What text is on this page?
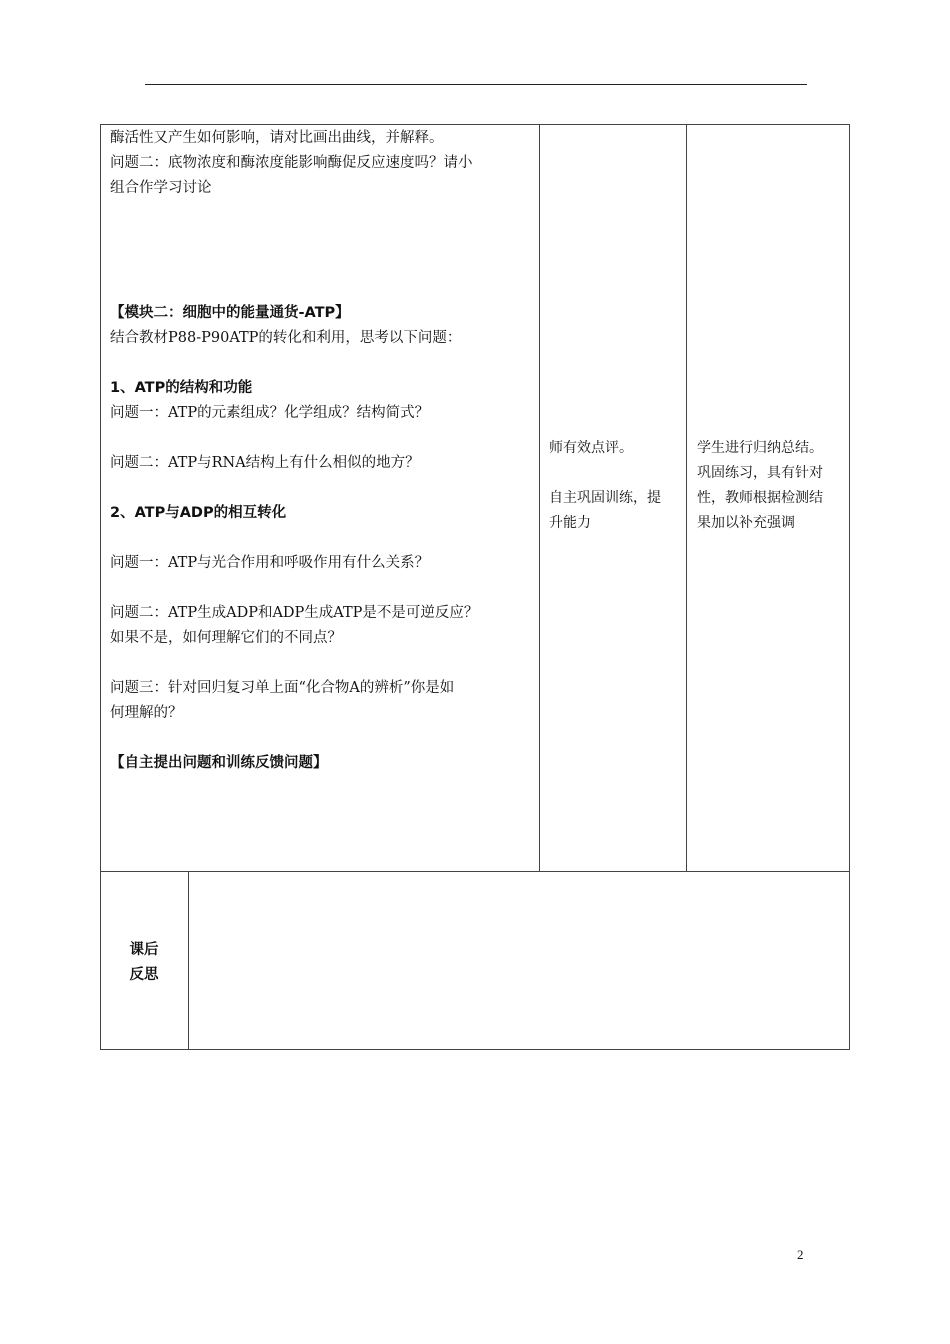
酶活性又产生如何影响，请对比画出曲线，并解释。

问题二：底物浓度和酶浓度能影响酶促反应速度吗？请小

组合作学习讨论

【模块二：细胞中的能量通货-ATP】

结合教材P88-P90ATP的转化和利用，思考以下问题：

1、ATP的结构和功能

问题一：ATP的元素组成？化学组成？结构简式？

问题二：ATP与RNA结构上有什么相似的地方？

2、ATP与ADP的相互转化

问题一：ATP与光合作用和呼吸作用有什么关系？

问题二：ATP生成ADP和ADP生成ATP是不是可逆反应？

如果不是，如何理解它们的不同点？

问题三：针对回归复习单上面“化合物A的辨析”你是如

何理解的？

【自主提出问题和训练反馈问题】

师有效点评。

自主巩固训练，提

升能力

学生进行归纳总结。

巩固练习，具有针对

性，教师根据检测结

果加以补充强调

课后
反思
2
